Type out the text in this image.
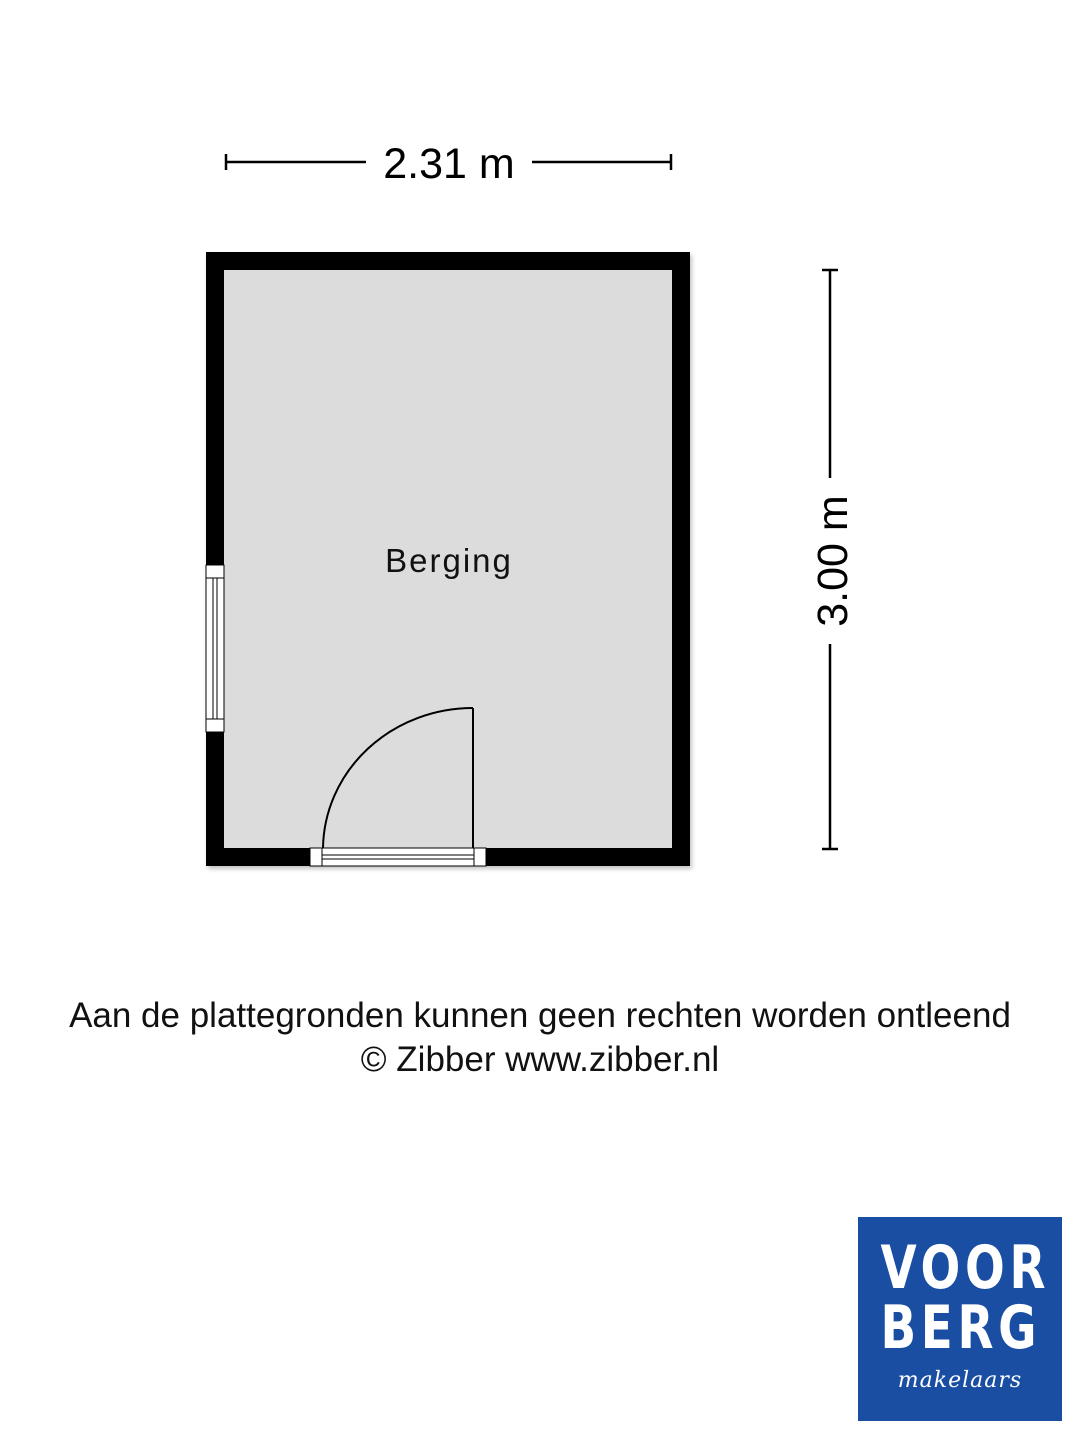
2.31 m
3.00 m
Berging
Aan de plattegronden kunnen geen rechten worden ontleend
© Zibber www.zibber.nl
VOOR
BERG
makelaars
